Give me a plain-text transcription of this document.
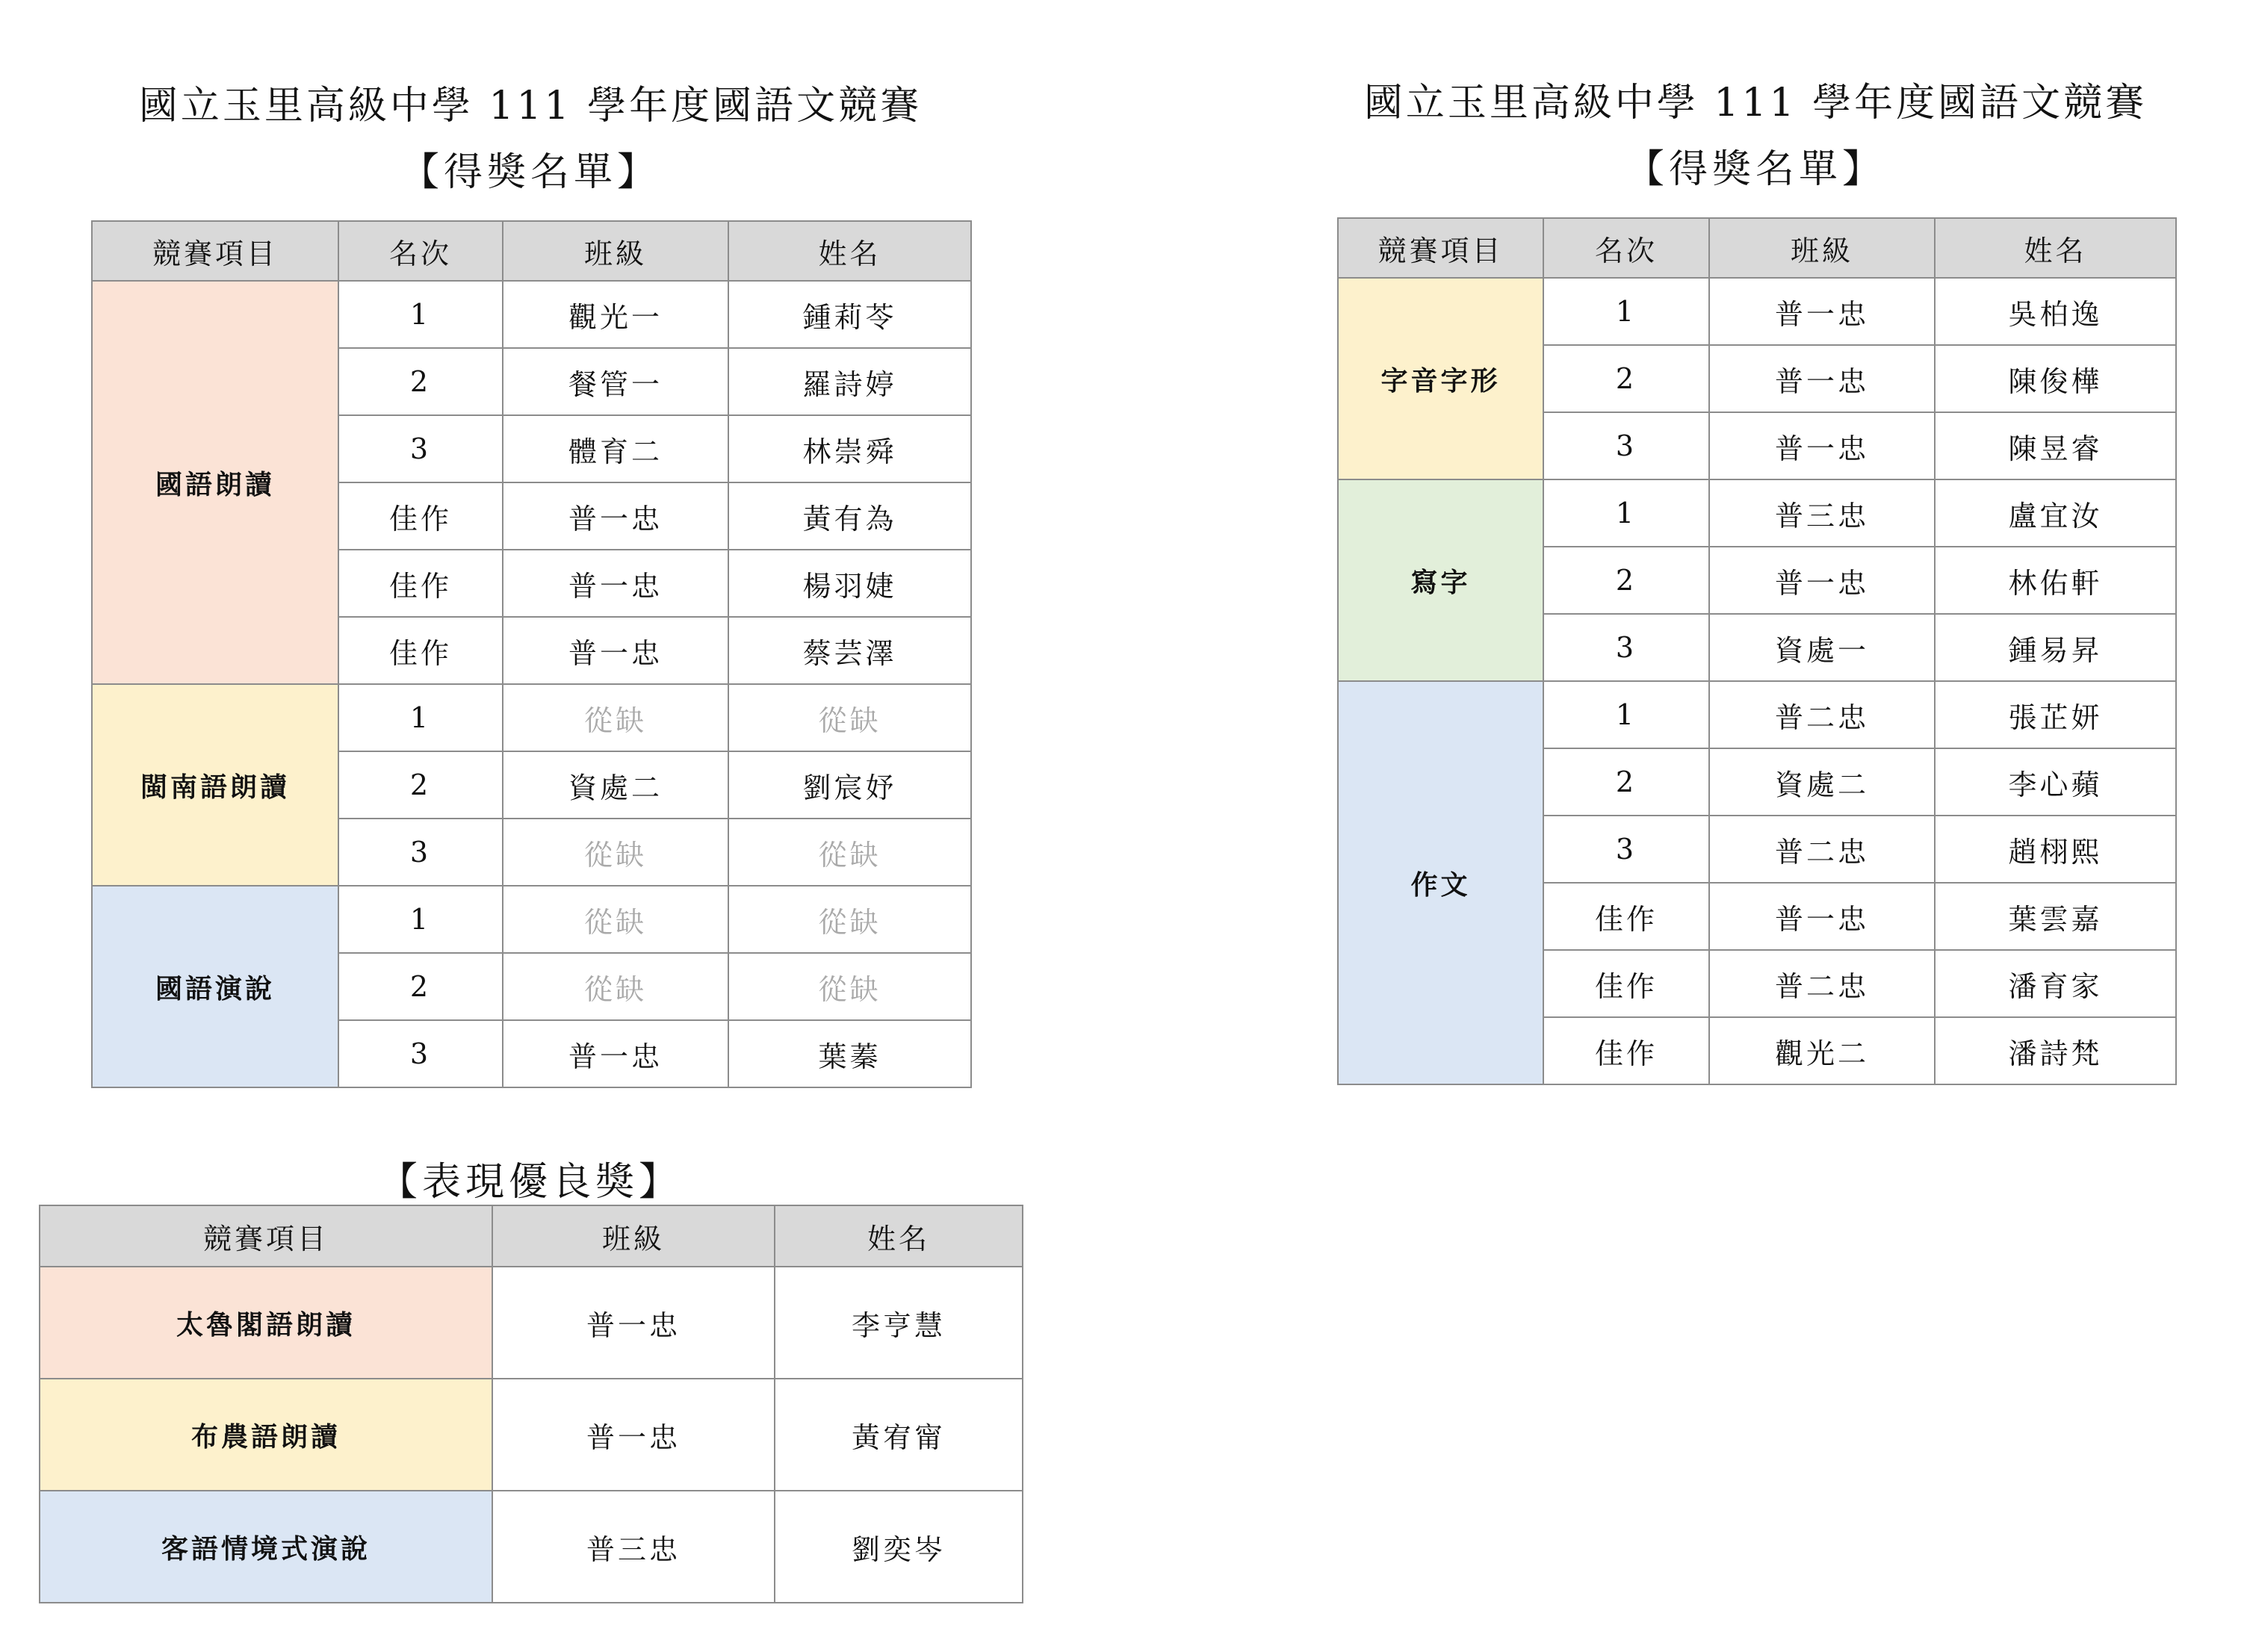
國立玉里高級中學 111 學年度國語文競賽
【得獎名單】
國立玉里高級中學 111 學年度國語文競賽
【得獎名單】
競賽項目	名次	班級	姓名
國語朗讀	1	觀光一	鍾莉苓
	2	餐管一	羅詩婷
	3	體育二	林崇舜
	佳作	普一忠	黃有為
	佳作	普一忠	楊羽婕
	佳作	普一忠	蔡芸澤
閩南語朗讀	1	從缺	從缺
	2	資處二	劉宸妤
	3	從缺	從缺
國語演說	1	從缺	從缺
	2	從缺	從缺
	3	普一忠	葉蓁
競賽項目	名次	班級	姓名
字音字形	1	普一忠	吳柏逸
	2	普一忠	陳俊樺
	3	普一忠	陳昱睿
寫字	1	普三忠	盧宜汝
	2	普一忠	林佑軒
	3	資處一	鍾易昇
作文	1	普二忠	張芷妍
	2	資處二	李心蘋
	3	普二忠	趙栩熙
	佳作	普一忠	葉雲嘉
	佳作	普二忠	潘育家
	佳作	觀光二	潘詩梵
【表現優良獎】
競賽項目	班級	姓名
太魯閣語朗讀	普一忠	李亨慧
布農語朗讀	普一忠	黃宥甯
客語情境式演說	普三忠	劉奕岑
